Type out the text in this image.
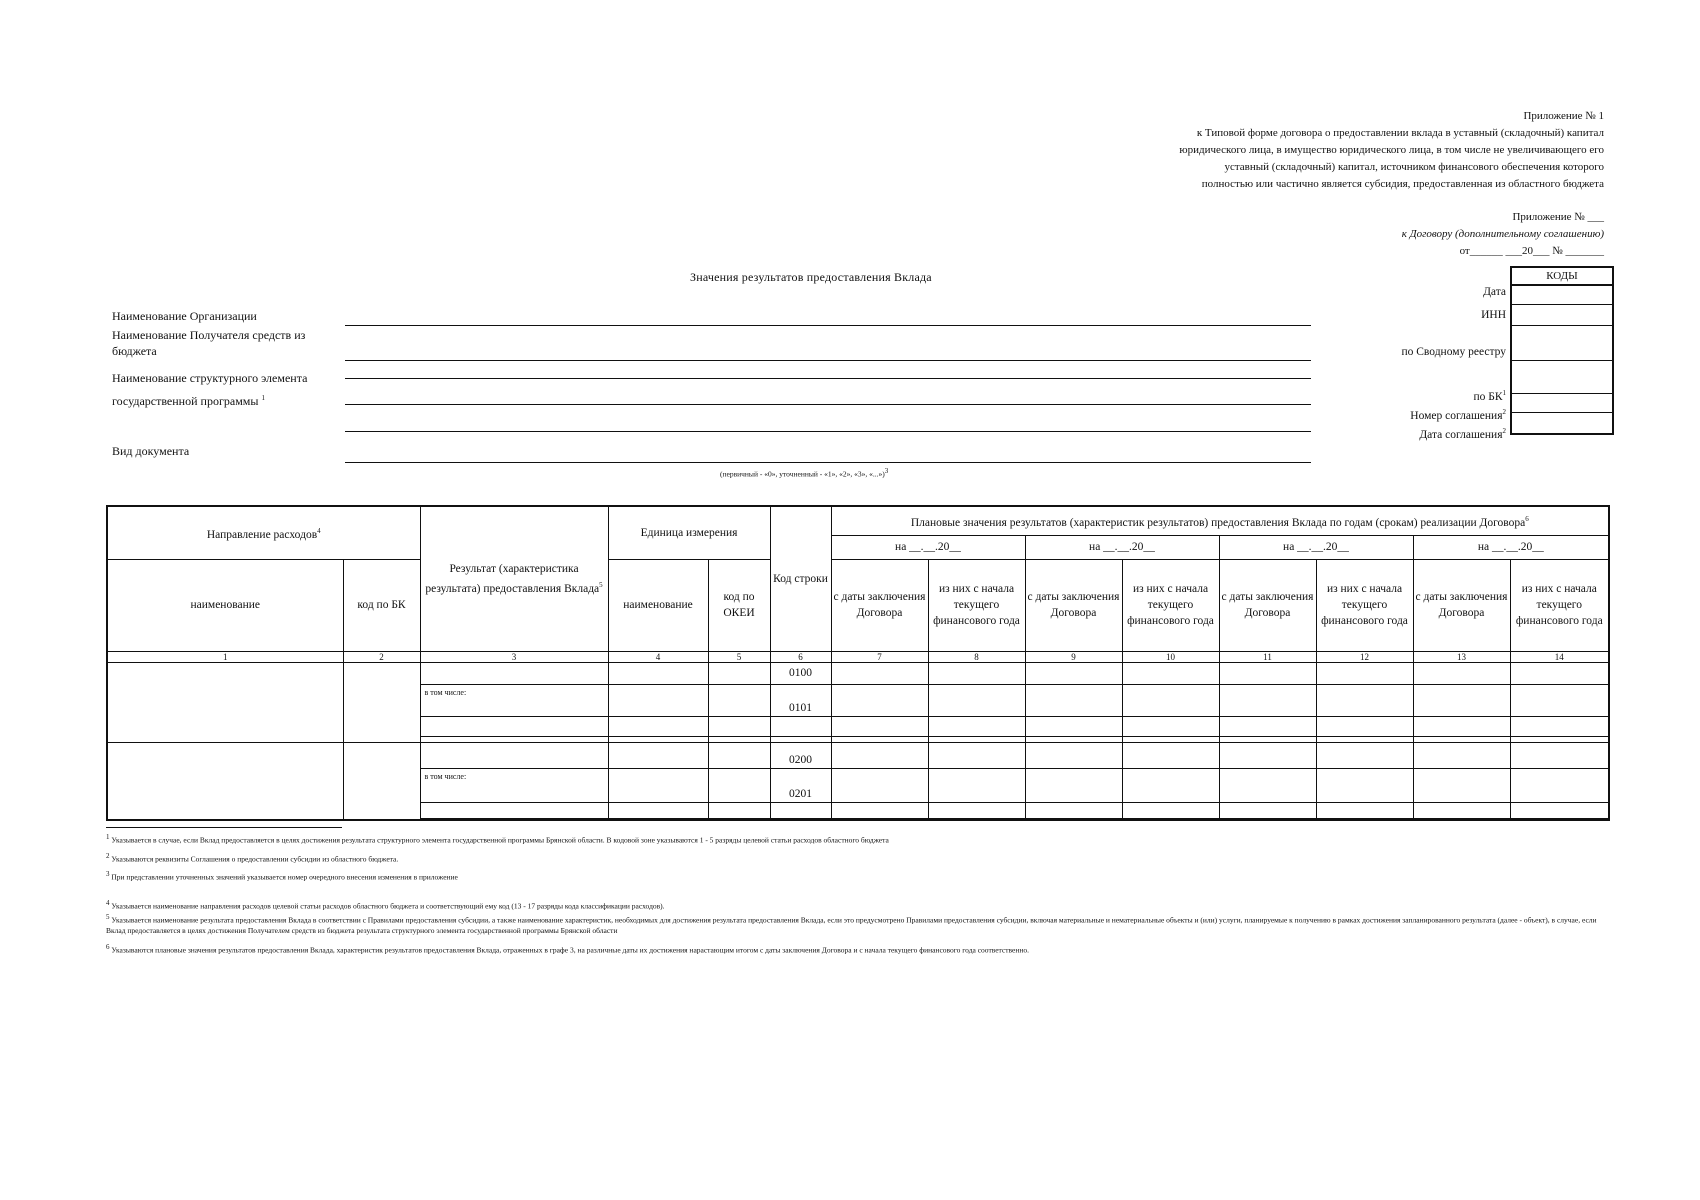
Приложение № 1
к Типовой форме договора о предоставлении вклада в уставный (складочный) капитал
юридического лица, в имущество юридического лица, в том числе не увеличивающего его
уставный (складочный) капитал, источником финансового обеспечения которого
полностью или частично является субсидия, предоставленная из областного бюджета
Приложение № ___
к Договору (дополнительному соглашению)
от______ ___20___ № _______
Значения результатов предоставления Вклада	КОДЫ
Дата
ИНН
по Сводному реестру
по $БК^1$
Номер соглашения$^2$
Дата соглашения$^2$
Наименование Организации
Наименование Получателя средств из
бюджета
Наименование структурного элемента
государственной программы $^1$
Вид документа
(первичный - «0», уточненный - «1», «2», «3», «...»)$^3$
Направление расходов$^4$		Результат (характеристика результата) предоставления Вклада$^5$	Единица измерения		Код строки	Плановые значения результатов (характеристик результатов) предоставления Вклада по годам (срокам) реализации Договора$^6$
						на __.__.20__		на __.__.20__		на __.__.20__		на __.__.20__	
наименование	код по БК		наименование	код по ОКЕИ		с даты заключения Договора	из них с начала текущего финансового года	с даты заключения Договора	из них с начала текущего финансового года	с даты заключения Договора	из них с начала текущего финансового года	с даты заключения Договора	из них с начала текущего финансового года
1	2	3	4	5	6	7	8	9	10	11	12	13	14
					0100								
		в том числе:			0101								

					0200								
		в том числе:			0201								

$^1$ Указывается в случае, если Вклад предоставляется в целях достижения результата структурного элемента государственной программы Брянской области. В кодовой зоне указываются 1 - 5 разряды целевой статьи расходов областного бюджета
$^2$ Указываются реквизиты Соглашения о предоставлении субсидии из областного бюджета.
$^3$ При представлении уточненных значений указывается номер очередного внесения изменения в приложение
$^4$ Указывается наименование направления расходов целевой статьи расходов областного бюджета и соответствующий ему код (13 - 17 разряды кода классификации расходов).
$^5$ Указывается наименование результата предоставления Вклада в соответствии с Правилами предоставления субсидии, а также наименование характеристик, необходимых для достижения результата предоставления Вклада, если это предусмотрено Правилами предоставления субсидии, включая материальные и нематериальные объекты и (или) услуги, планируемые к получению в рамках достижения запланированного результата (далее - объект), в случае, если Вклад предоставляется в целях достижения Получателем средств из бюджета результата структурного элемента государственной программы Брянской области
$^6$ Указываются плановые значения результатов предоставления Вклада, характеристик результатов предоставления Вклада, отраженных в графе 3, на различные даты их достижения нарастающим итогом с даты заключения Договора и с начала текущего финансового года соответственно.
